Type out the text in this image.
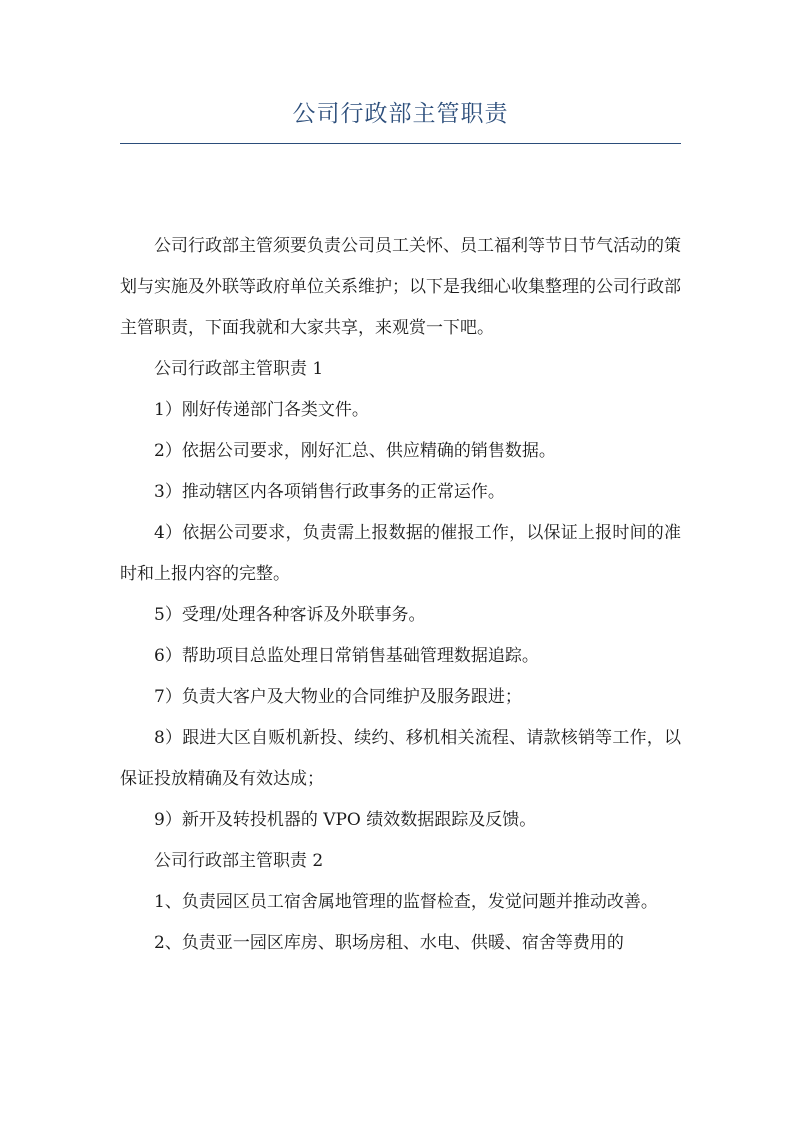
公司行政部主管职责

公司行政部主管须要负责公司员工关怀、员工福利等节日节气活动的策划与实施及外联等政府单位关系维护；以下是我细心收集整理的公司行政部主管职责，下面我就和大家共享，来观赏一下吧。

公司行政部主管职责 1

1）刚好传递部门各类文件。

2）依据公司要求，刚好汇总、供应精确的销售数据。

3）推动辖区内各项销售行政事务的正常运作。

4）依据公司要求，负责需上报数据的催报工作，以保证上报时间的准时和上报内容的完整。

5）受理/处理各种客诉及外联事务。

6）帮助项目总监处理日常销售基础管理数据追踪。

7）负责大客户及大物业的合同维护及服务跟进；

8）跟进大区自贩机新投、续约、移机相关流程、请款核销等工作，以保证投放精确及有效达成；

9）新开及转投机器的 VPO 绩效数据跟踪及反馈。

公司行政部主管职责 2

1、负责园区员工宿舍属地管理的监督检查，发觉问题并推动改善。

2、负责亚一园区库房、职场房租、水电、供暖、宿舍等费用的
